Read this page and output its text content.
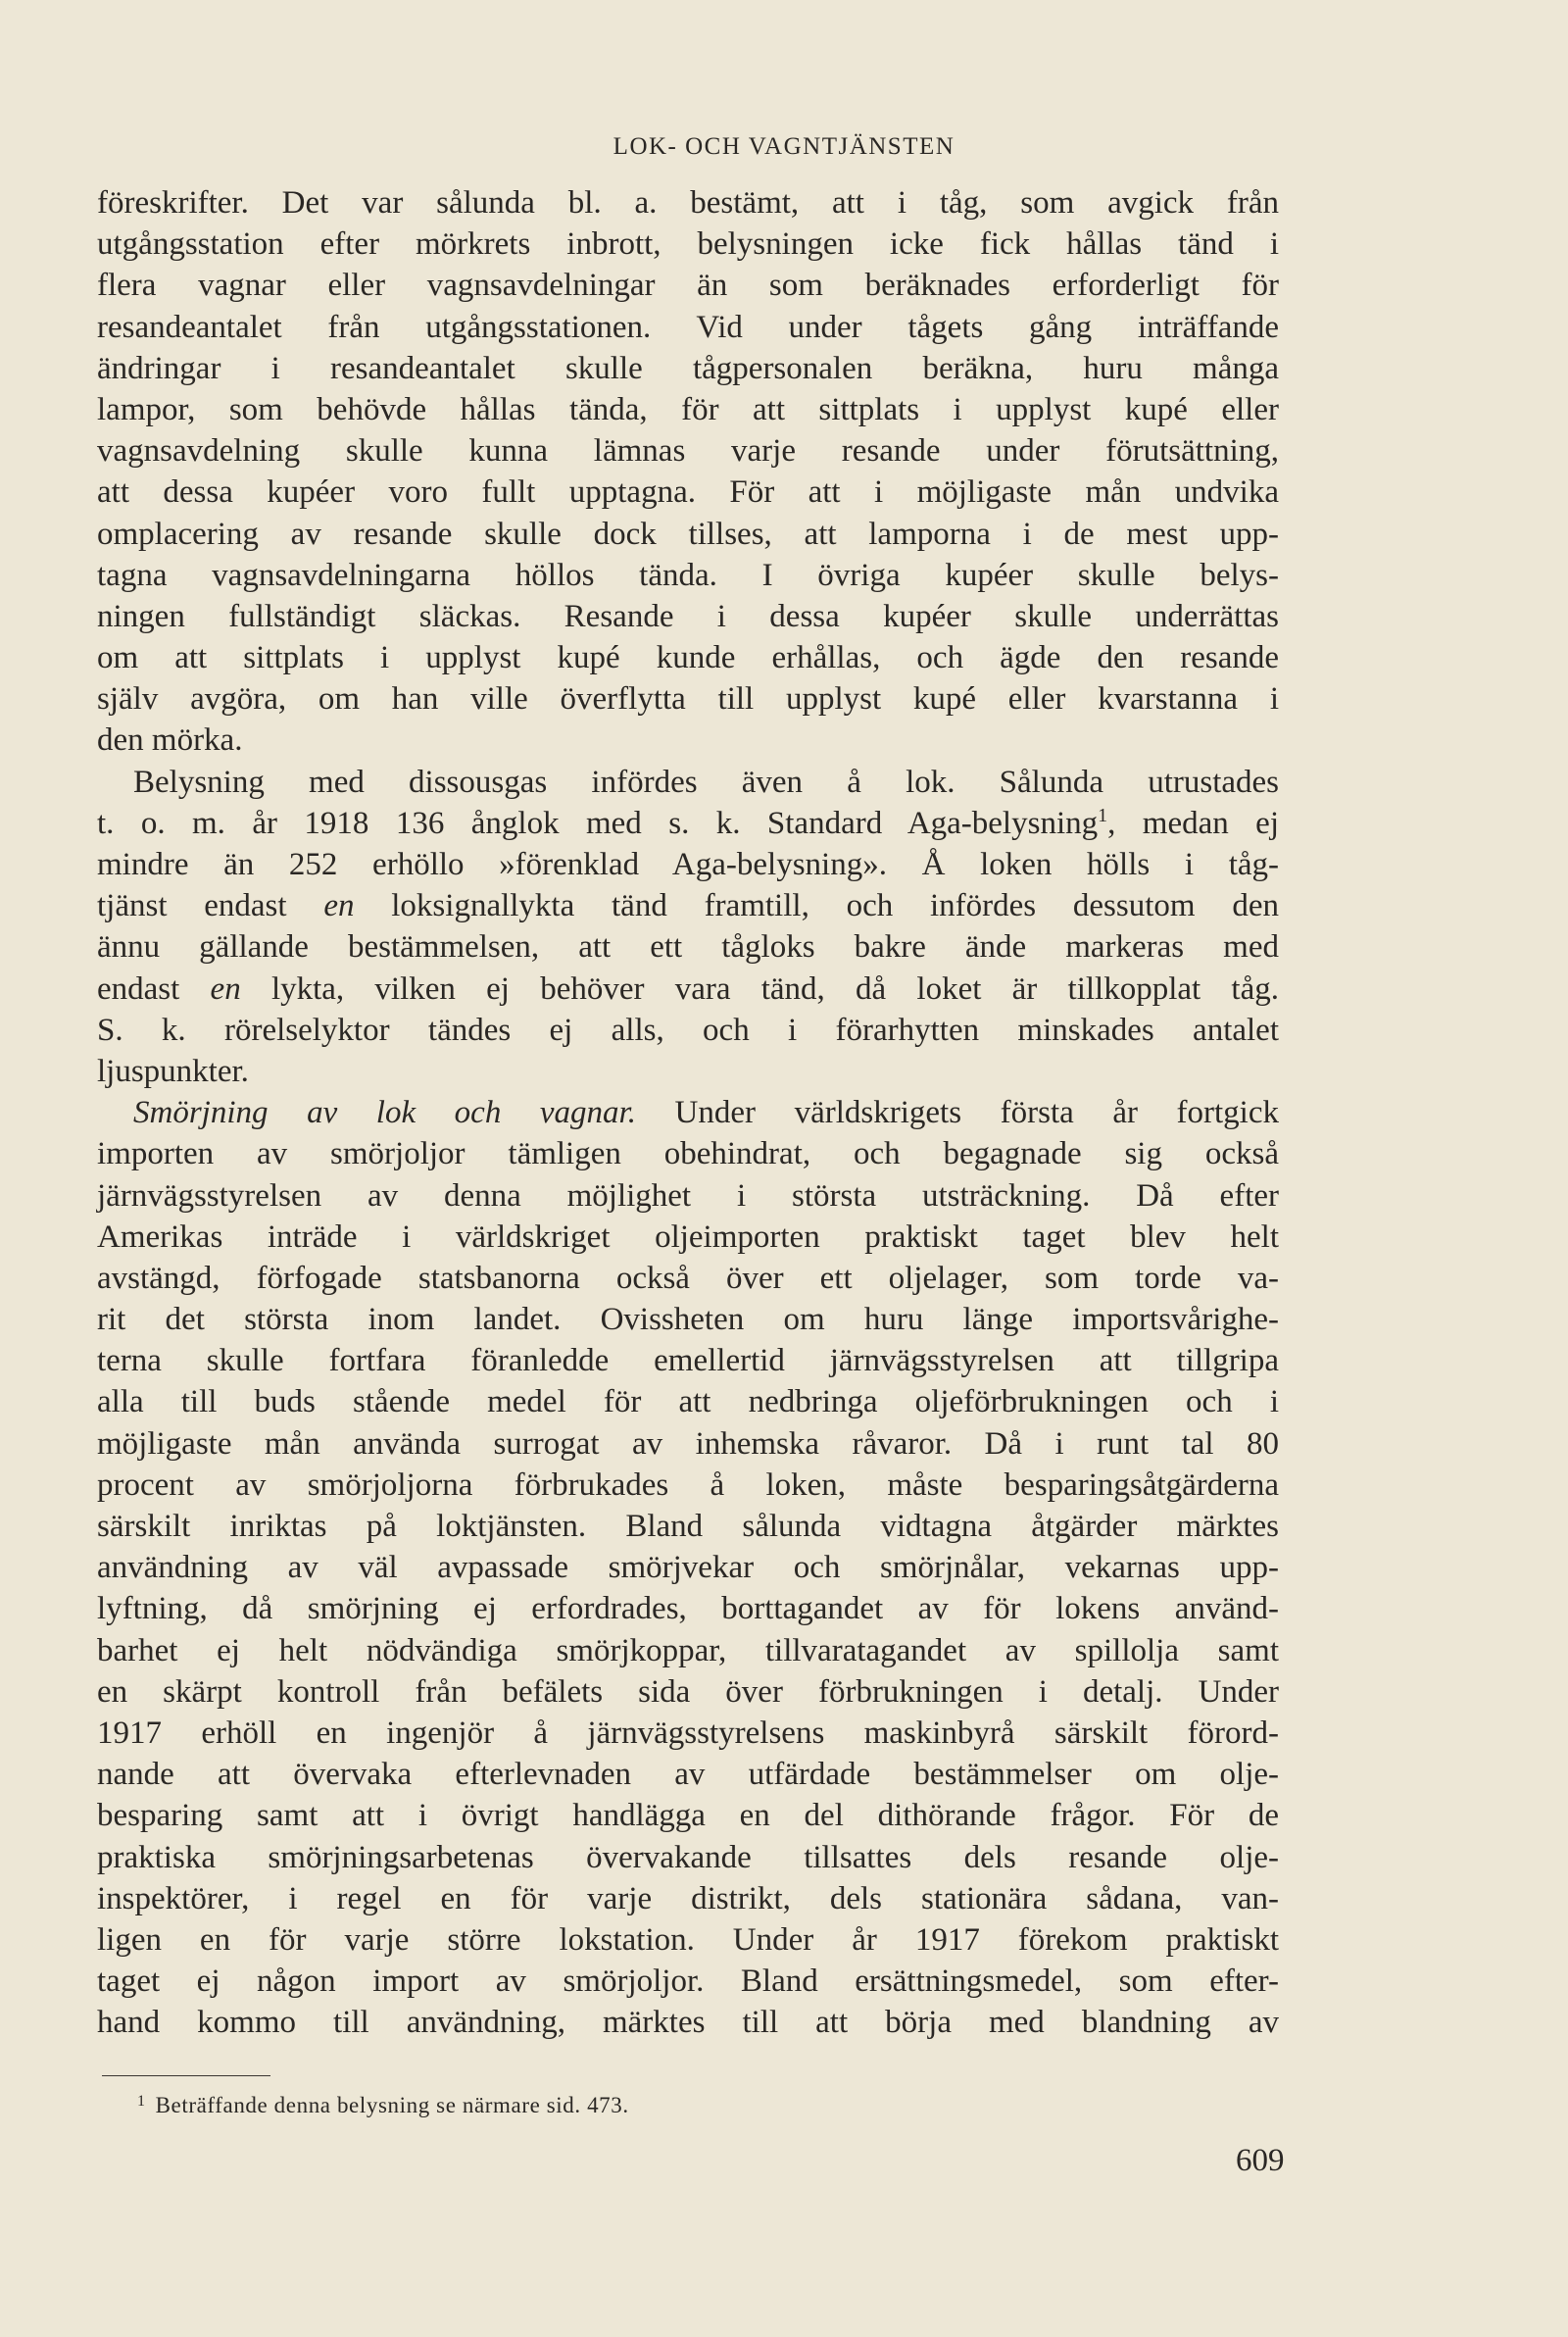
LOK- OCH VAGNTJÄNSTEN
föreskrifter. Det var sålunda bl. a. bestämt, att i tåg, som avgick från
utgångsstation efter mörkrets inbrott, belysningen icke fick hållas tänd i
flera vagnar eller vagnsavdelningar än som beräknades erforderligt för
resandeantalet från utgångsstationen. Vid under tågets gång inträffande
ändringar i resandeantalet skulle tågpersonalen beräkna, huru många
lampor, som behövde hållas tända, för att sittplats i upplyst kupé eller
vagnsavdelning skulle kunna lämnas varje resande under förutsättning,
att dessa kupéer voro fullt upptagna. För att i möjligaste mån undvika
omplacering av resande skulle dock tillses, att lamporna i de mest upp-
tagna vagnsavdelningarna höllos tända. I övriga kupéer skulle belys-
ningen fullständigt släckas. Resande i dessa kupéer skulle underrättas
om att sittplats i upplyst kupé kunde erhållas, och ägde den resande
själv avgöra, om han ville överflytta till upplyst kupé eller kvarstanna i
den mörka.
Belysning med dissousgas infördes även å lok. Sålunda utrustades
t. o. m. år 1918 136 ånglok med s. k. Standard Aga-belysning$^1$, medan ej
mindre än 252 erhöllo »förenklad Aga-belysning». Å loken hölls i tåg-
tjänst endast en loksignallykta tänd framtill, och infördes dessutom den
ännu gällande bestämmelsen, att ett tågloks bakre ände markeras med
endast en lykta, vilken ej behöver vara tänd, då loket är tillkopplat tåg.
S. k. rörelselyktor tändes ej alls, och i förarhytten minskades antalet
ljuspunkter.
Smörjning av lok och vagnar. Under världskrigets första år fortgick
importen av smörjoljor tämligen obehindrat, och begagnade sig också
järnvägsstyrelsen av denna möjlighet i största utsträckning. Då efter
Amerikas inträde i världskriget oljeimporten praktiskt taget blev helt
avstängd, förfogade statsbanorna också över ett oljelager, som torde va-
rit det största inom landet. Ovissheten om huru länge importsvårighe-
terna skulle fortfara föranledde emellertid järnvägsstyrelsen att tillgripa
alla till buds stående medel för att nedbringa oljeförbrukningen och i
möjligaste mån använda surrogat av inhemska råvaror. Då i runt tal 80
procent av smörjoljorna förbrukades å loken, måste besparingsåtgärderna
särskilt inriktas på loktjänsten. Bland sålunda vidtagna åtgärder märktes
användning av väl avpassade smörjvekar och smörjnålar, vekarnas upp-
lyftning, då smörjning ej erfordrades, borttagandet av för lokens använd-
barhet ej helt nödvändiga smörjkoppar, tillvaratagandet av spillolja samt
en skärpt kontroll från befälets sida över förbrukningen i detalj. Under
1917 erhöll en ingenjör å järnvägsstyrelsens maskinbyrå särskilt förord-
nande att övervaka efterlevnaden av utfärdade bestämmelser om olje-
besparing samt att i övrigt handlägga en del dithörande frågor. För de
praktiska smörjningsarbetenas övervakande tillsattes dels resande olje-
inspektörer, i regel en för varje distrikt, dels stationära sådana, van-
ligen en för varje större lokstation. Under år 1917 förekom praktiskt
taget ej någon import av smörjoljor. Bland ersättningsmedel, som efter-
hand kommo till användning, märktes till att börja med blandning av
$^1$ Beträffande denna belysning se närmare sid. 473.
609
